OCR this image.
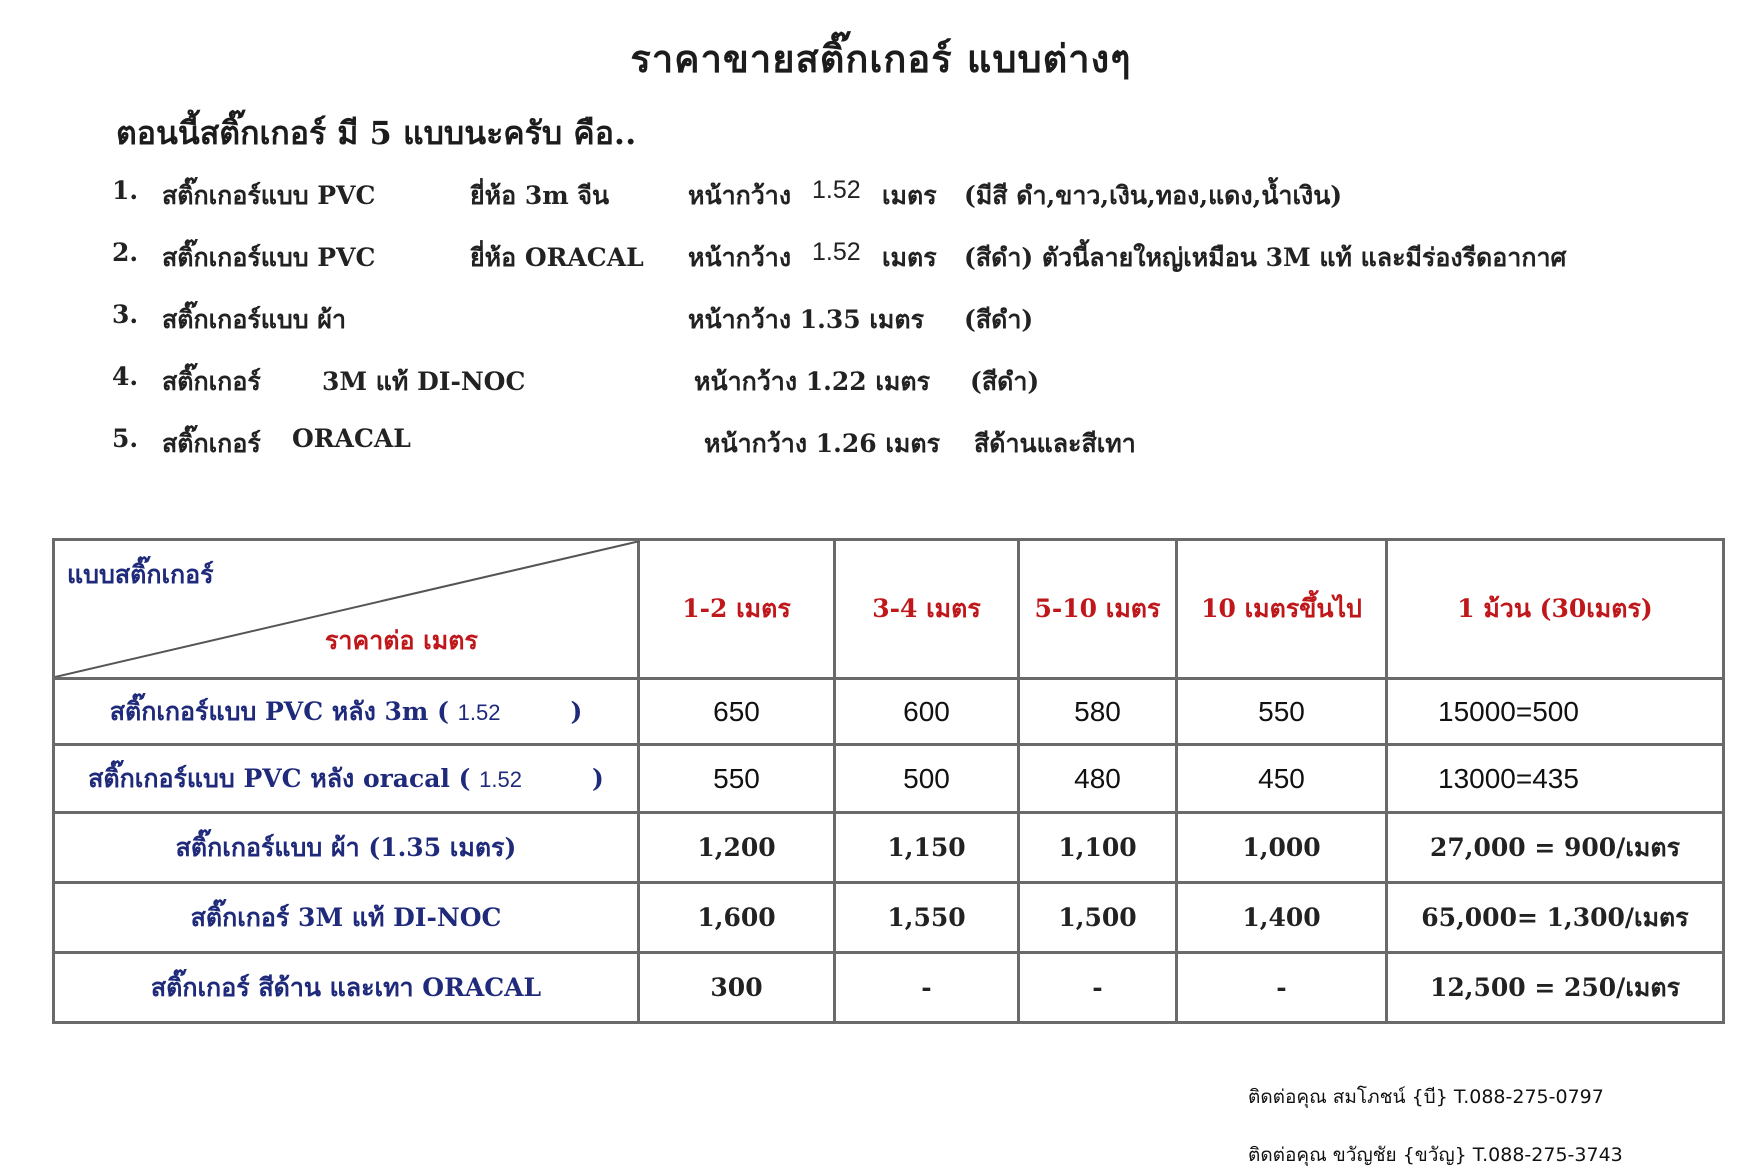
ราคาขายสติ๊กเกอร์ แบบต่างๆ
ตอนนี้สติ๊กเกอร์ มี 5 แบบนะครับ คือ..
1. สติ๊กเกอร์แบบ PVC	ยี่ห้อ 3m จีน	หน้ากว้าง 1.52 เมตร (มีสี ดำ,ขาว,เงิน,ทอง,แดง,น้ำเงิน)
2. สติ๊กเกอร์แบบ PVC	ยี่ห้อ ORACAL หน้ากว้าง 1.52 เมตร (สีดำ) ตัวนี้ลายใหญ่เหมือน 3M แท้ และมีร่องรีดอากาศ
3. สติ๊กเกอร์แบบ ผ้า	หน้ากว้าง 1.35 เมตร (สีดำ)
4. สติ๊กเกอร์ 3M แท้ DI-NOC	หน้ากว้าง 1.22 เมตร (สีดำ)
5. สติ๊กเกอร์ ORACAL	หน้ากว้าง 1.26 เมตร สีด้านและสีเทา
แบบสติ๊กเกอร์
ราคาต่อ เมตร	1-2 เมตร	3-4 เมตร	5-10 เมตร	10 เมตรขึ้นไป	1 ม้วน (30เมตร)
สติ๊กเกอร์แบบ PVC หลัง 3m ( 1.52 )	650	600	580	550	15000=500
สติ๊กเกอร์แบบ PVC หลัง oracal ( 1.52 )	550	500	480	450	13000=435
สติ๊กเกอร์แบบ ผ้า (1.35 เมตร)	1,200	1,150	1,100	1,000	27,000 = 900/เมตร
สติ๊กเกอร์ 3M แท้ DI-NOC	1,600	1,550	1,500	1,400	65,000= 1,300/เมตร
สติ๊กเกอร์ สีด้าน และเทา ORACAL	300	-	-	-	12,500 = 250/เมตร
ติดต่อคุณ สมโภชน์ {บี} T.088-275-0797
ติดต่อคุณ ขวัญชัย {ขวัญ} T.088-275-3743
